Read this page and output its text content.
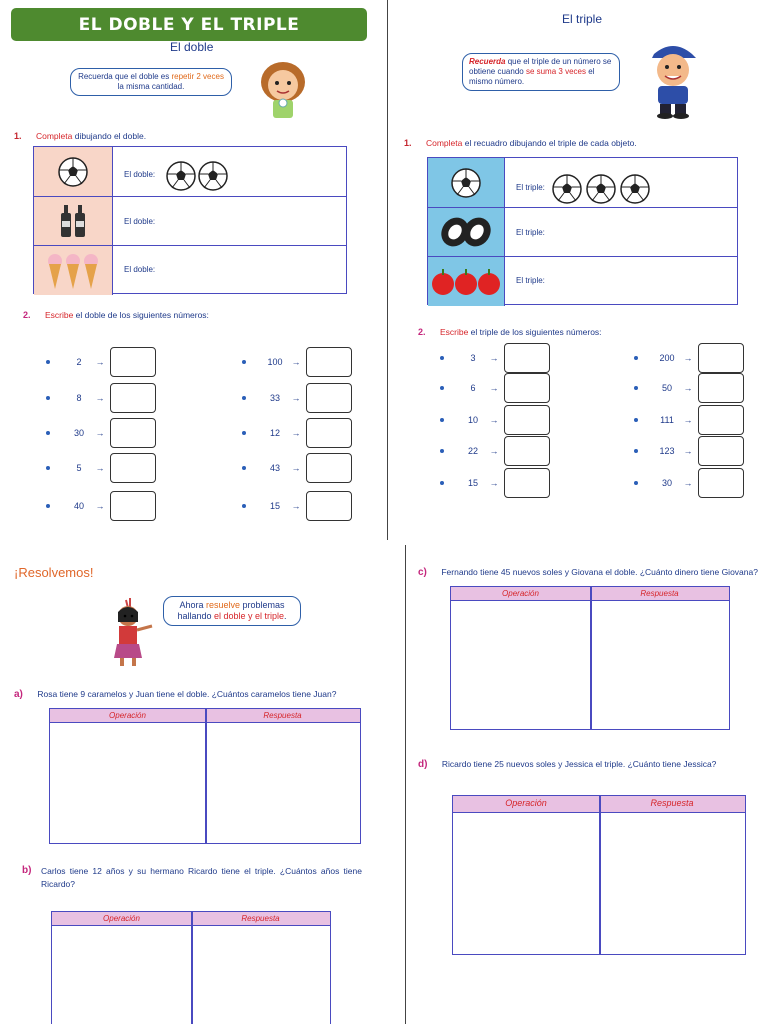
EL DOBLE Y EL TRIPLE
El doble
Recuerda que el doble es repetir 2 veces la misma cantidad.
1. Completa dibujando el doble.
El doble:
El doble:
El doble:
2. Escribe el doble de los siguientes números:
2	→
8	→
30	→
5	→
40	→
100 →
33	→
12	→
43	→
15	→
El triple
Recuerda que el triple de un número se obtiene cuando se suma 3 veces el mismo número.
1. Completa el recuadro dibujando el triple de cada objeto.
El triple:
El triple:
El triple:
2. Escribe el triple de los siguientes números:
3	→
6	→
10	→
22	→
15	→
200 →
50	→
111	→
123 →
30	→
¡Resolvemos!
Ahora resuelve problemas hallando el doble y el triple.
a) Rosa tiene 9 caramelos y Juan tiene el doble. ¿Cuántos caramelos tiene Juan?
Operación	Respuesta
b)	Carlos tiene 12 años y su hermano Ricardo tiene el triple. ¿Cuántos años tiene Ricardo?
Operación	Respuesta
c) Fernando tiene 45 nuevos soles y Giovana el doble. ¿Cuánto dinero tiene Giovana?
Operación	Respuesta
d) Ricardo tiene 25 nuevos soles y Jessica el triple. ¿Cuánto tiene Jessica?
Operación	Respuesta
